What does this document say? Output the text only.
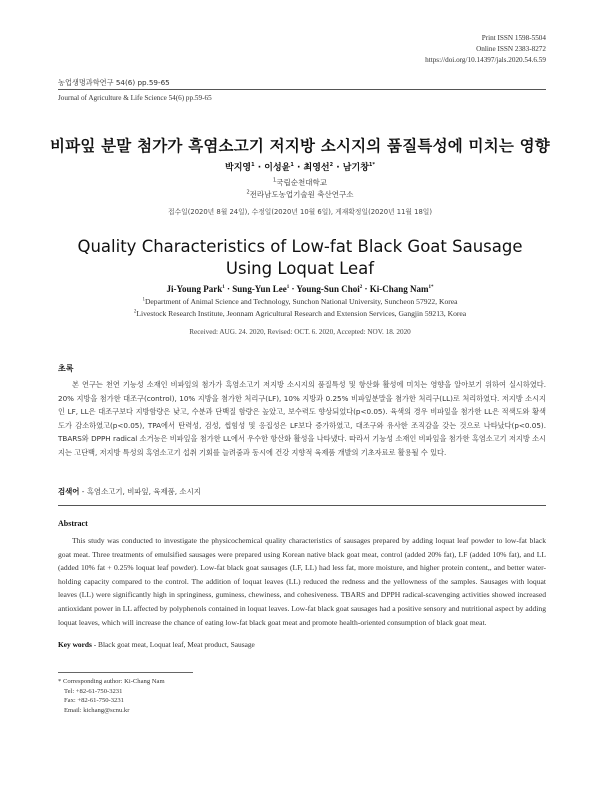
Print ISSN 1598-5504
Online ISSN 2383-8272
https://doi.org/10.14397/jals.2020.54.6.59
농업생명과학연구 54(6) pp.59-65
Journal of Agriculture & Life Science 54(6) pp.59-65
비파잎 분말 첨가가 흑염소고기 저지방 소시지의 품질특성에 미치는 영향
박지영$^1$ · 이성윤$^1$ · 최영선$^2$ · 남기창$^{1*}$
$^1$국립순천대학교
$^2$전라남도농업기술원 축산연구소
접수일(2020년 8월 24일), 수정일(2020년 10월 6일), 게재확정일(2020년 11월 18일)
Quality Characteristics of Low-fat Black Goat Sausage
Using Loquat Leaf
Ji-Young Park$^1$ · Sung-Yun Lee$^1$ · Young-Sun Choi$^2$ · Ki-Chang Nam$^{1*}$
$^1$Department of Animal Science and Technology, Sunchon National University, Suncheon 57922, Korea
$^2$Livestock Research Institute, Jeonnam Agricultural Research and Extension Services, Gangjin 59213, Korea
Received: AUG. 24. 2020, Revised: OCT. 6. 2020, Accepted: NOV. 18. 2020
초록
본 연구는 천연 기능성 소재인 비파잎의 첨가가 흑염소고기 저지방 소시지의 품질특성 및 항산화 활성에 미치는 영향을 알아보기 위하여 실시하였다. 20% 지방을 첨가한 대조구(control), 10% 지방을 첨가한 처리구(LF), 10% 지방과 0.25% 비파잎분말을 첨가한 처리구(LL)로 처리하였다. 저지방 소시지인 LF, LL은 대조구보다 지방함량은 낮고, 수분과 단백질 함량은 높았고, 보수력도 향상되었다(p<0.05). 육색의 경우 비파잎을 첨가한 LL은 적색도와 황색도가 감소하였고(p<0.05), TPA에서 탄력성, 검성, 씹힘성 및 응집성은 LF보다 증가하였고, 대조구와 유사한 조직감을 갖는 것으로 나타났다(p<0.05). TBARS와 DPPH radical 소거능은 비파잎을 첨가한 LL에서 우수한 항산화 활성을 나타냈다. 따라서 기능성 소재인 비파잎을 첨가한 흑염소고기 저지방 소시지는 고단백, 저지방 특성의 흑염소고기 섭취 기회를 늘려줌과 동시에 건강 지향적 육제품 개발의 기초자료로 활용될 수 있다.
검색어 - 흑염소고기, 비파잎, 육제품, 소시지
Abstract
This study was conducted to investigate the physicochemical quality characteristics of sausages prepared by adding loquat leaf powder to low-fat black goat meat. Three treatments of emulsified sausages were prepared using Korean native black goat meat, control (added 20% fat), LF (added 10% fat), and LL (added 10% fat + 0.25% loquat leaf powder). Low-fat black goat sausages (LF, LL) had less fat, more moisture, and higher protein content,, and better water-holding capacity compared to the control. The addition of loquat leaves (LL) reduced the redness and the yellowness of the samples. Sausages with loquat leaves (LL) were significantly high in springiness, guminess, chewiness, and cohesiveness. TBARS and DPPH radical-scavenging activities showed increased antioxidant power in LL affected by polyphenols contained in loquat leaves. Low-fat black goat sausages had a positive sensory and nutritional aspect by adding loquat leaves, which will increase the chance of eating low-fat black goat meat and promote health-oriented consumption of black goat meat.
Key words - Black goat meat, Loquat leaf, Meat product, Sausage
* Corresponding author: Ki-Chang Nam
Tel: +82-61-750-3231
Fax: +82-61-750-3231
Email: kichang@scnu.kr
